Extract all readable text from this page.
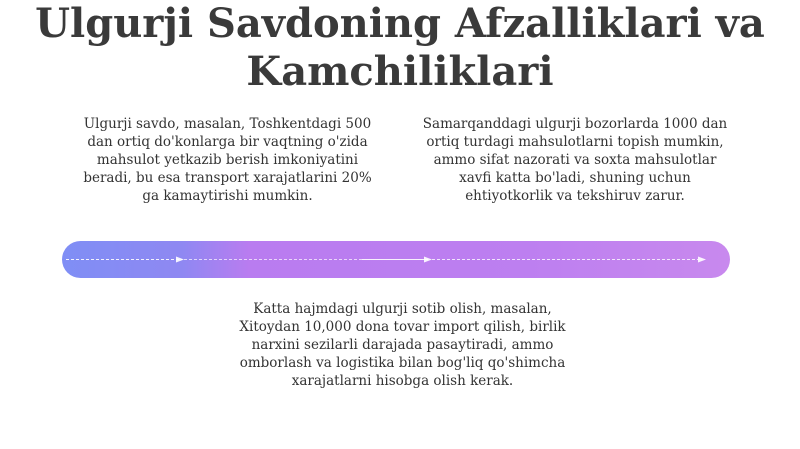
Ulgurji Savdoning Afzalliklari va Kamchiliklari

Ulgurji savdo, masalan, Toshkentdagi 500 dan ortiq do'konlarga bir vaqtning o'zida mahsulot yetkazib berish imkoniyatini beradi, bu esa transport xarajatlarini 20% ga kamaytirishi mumkin.

Samarqanddagi ulgurji bozorlarda 1000 dan ortiq turdagi mahsulotlarni topish mumkin, ammo sifat nazorati va soxta mahsulotlar xavfi katta bo'ladi, shuning uchun ehtiyotkorlik va tekshiruv zarur.

Katta hajmdagi ulgurji sotib olish, masalan, Xitoydan 10,000 dona tovar import qilish, birlik narxini sezilarli darajada pasaytiradi, ammo omborlash va logistika bilan bog'liq qo'shimcha xarajatlarni hisobga olish kerak.
